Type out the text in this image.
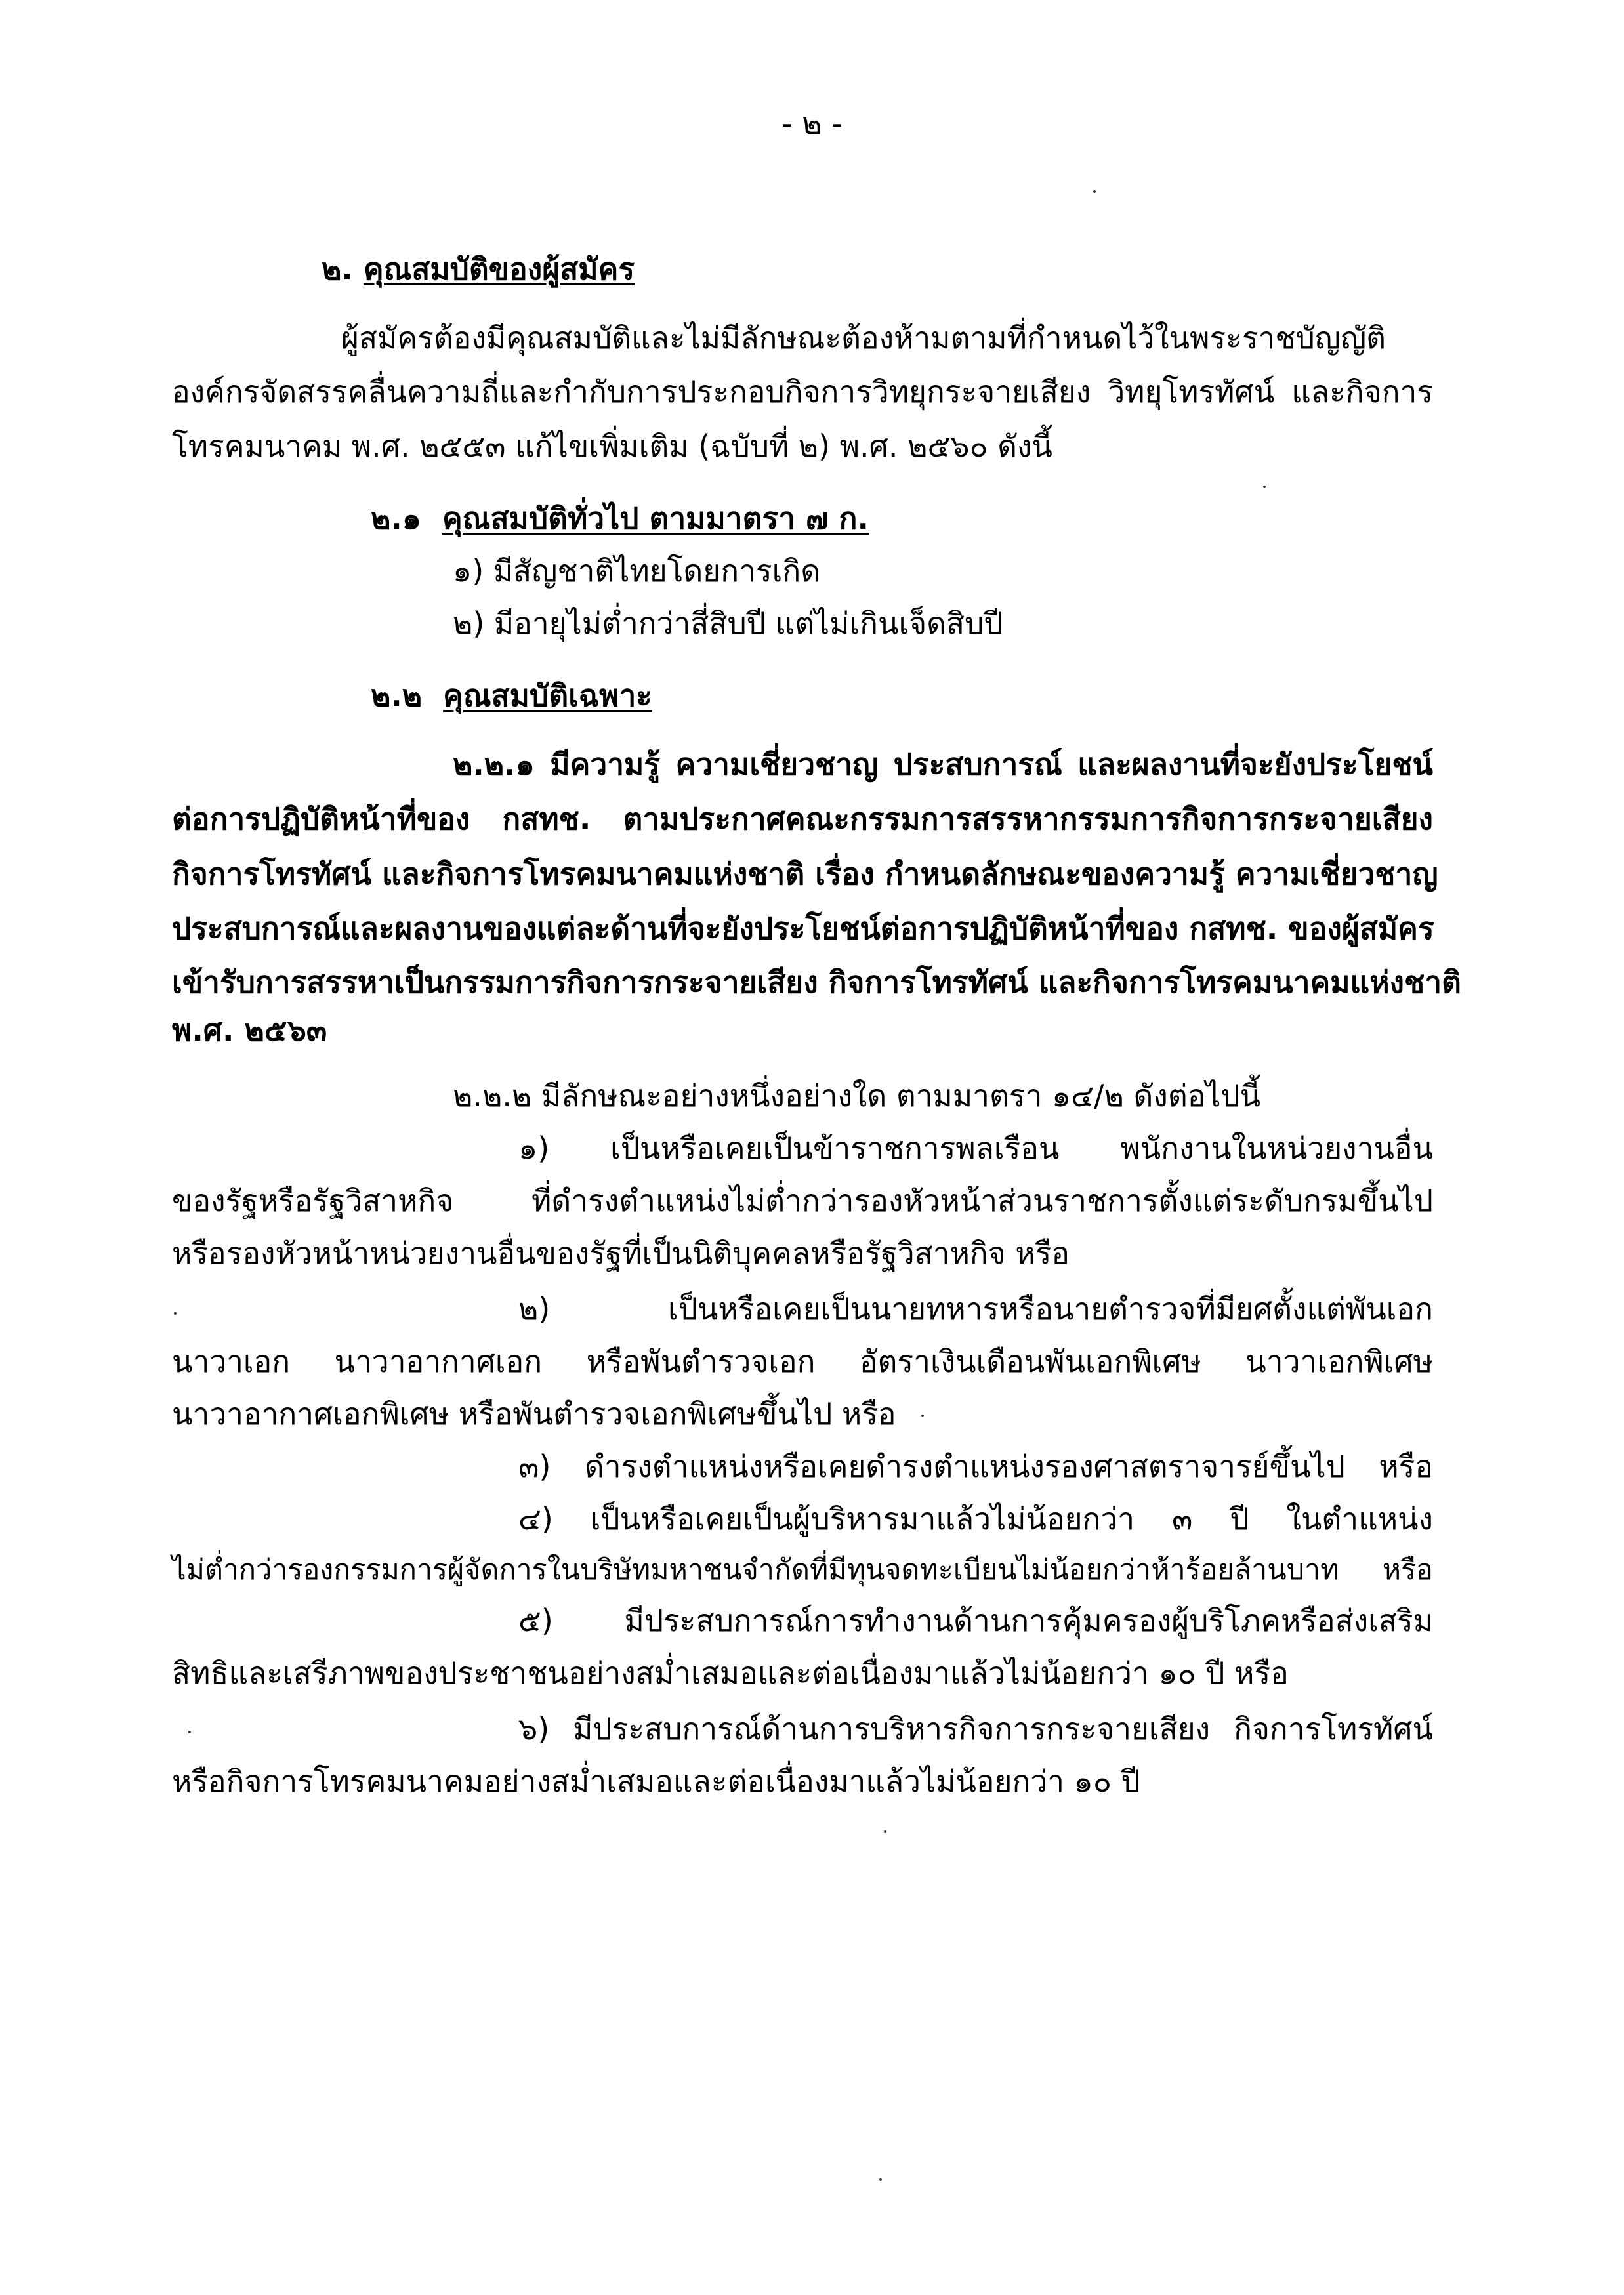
- ๒ -
๒. คุณสมบัติของผู้สมัคร
ผู้สมัครต้องมีคุณสมบัติและไม่มีลักษณะต้องห้ามตามที่กำหนดไว้ในพระราชบัญญัติ
องค์กรจัดสรรคลื่นความถี่และกำกับการประกอบกิจการวิทยุกระจายเสียง วิทยุโทรทัศน์ และกิจการ
โทรคมนาคม พ.ศ. ๒๕๕๓ แก้ไขเพิ่มเติม (ฉบับที่ ๒) พ.ศ. ๒๕๖๐ ดังนี้
๒.๑ คุณสมบัติทั่วไป ตามมาตรา ๗ ก.
๑) มีสัญชาติไทยโดยการเกิด
๒) มีอายุไม่ต่ำกว่าสี่สิบปี แต่ไม่เกินเจ็ดสิบปี
๒.๒ คุณสมบัติเฉพาะ
๒.๒.๑ มีความรู้ ความเชี่ยวชาญ ประสบการณ์ และผลงานที่จะยังประโยชน์
ต่อการปฏิบัติหน้าที่ของ กสทช. ตามประกาศคณะกรรมการสรรหากรรมการกิจการกระจายเสียง
กิจการโทรทัศน์ และกิจการโทรคมนาคมแห่งชาติ เรื่อง กำหนดลักษณะของความรู้ ความเชี่ยวชาญ
ประสบการณ์และผลงานของแต่ละด้านที่จะยังประโยชน์ต่อการปฏิบัติหน้าที่ของ กสทช. ของผู้สมัคร
เข้ารับการสรรหาเป็นกรรมการกิจการกระจายเสียง กิจการโทรทัศน์ และกิจการโทรคมนาคมแห่งชาติ
พ.ศ. ๒๕๖๓
๒.๒.๒ มีลักษณะอย่างหนึ่งอย่างใด ตามมาตรา ๑๔/๒ ดังต่อไปนี้
๑) เป็นหรือเคยเป็นข้าราชการพลเรือน พนักงานในหน่วยงานอื่น
ของรัฐหรือรัฐวิสาหกิจ ที่ดำรงตำแหน่งไม่ต่ำกว่ารองหัวหน้าส่วนราชการตั้งแต่ระดับกรมขึ้นไป
หรือรองหัวหน้าหน่วยงานอื่นของรัฐที่เป็นนิติบุคคลหรือรัฐวิสาหกิจ หรือ
๒) เป็นหรือเคยเป็นนายทหารหรือนายตำรวจที่มียศตั้งแต่พันเอก
นาวาเอก นาวาอากาศเอก หรือพันตำรวจเอก อัตราเงินเดือนพันเอกพิเศษ นาวาเอกพิเศษ
นาวาอากาศเอกพิเศษ หรือพันตำรวจเอกพิเศษขึ้นไป หรือ
๓) ดำรงตำแหน่งหรือเคยดำรงตำแหน่งรองศาสตราจารย์ขึ้นไป หรือ
๔) เป็นหรือเคยเป็นผู้บริหารมาแล้วไม่น้อยกว่า ๓ ปี ในตำแหน่ง
ไม่ต่ำกว่ารองกรรมการผู้จัดการในบริษัทมหาชนจำกัดที่มีทุนจดทะเบียนไม่น้อยกว่าห้าร้อยล้านบาท หรือ
๕) มีประสบการณ์การทำงานด้านการคุ้มครองผู้บริโภคหรือส่งเสริม
สิทธิและเสรีภาพของประชาชนอย่างสม่ำเสมอและต่อเนื่องมาแล้วไม่น้อยกว่า ๑๐ ปี หรือ
๖) มีประสบการณ์ด้านการบริหารกิจการกระจายเสียง กิจการโทรทัศน์
หรือกิจการโทรคมนาคมอย่างสม่ำเสมอและต่อเนื่องมาแล้วไม่น้อยกว่า ๑๐ ปี
